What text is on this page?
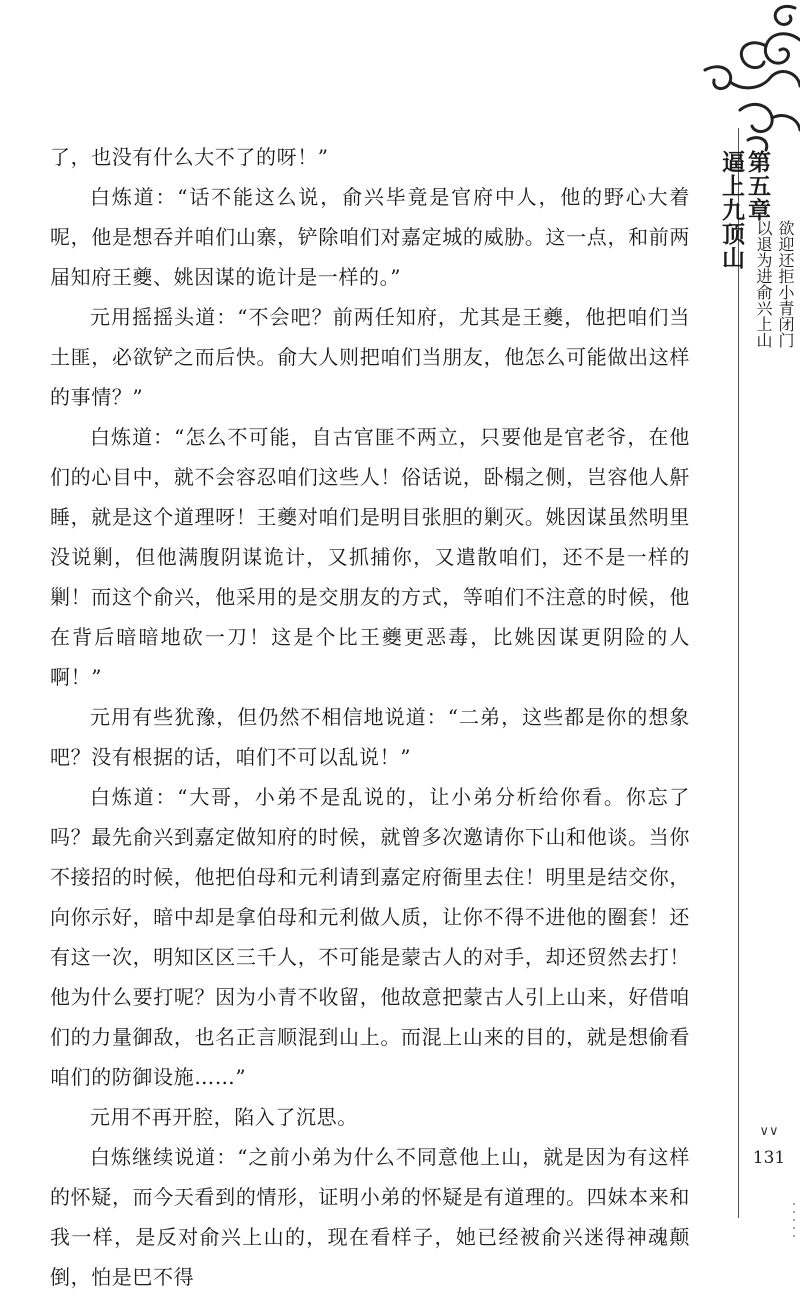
了，也没有什么大不了的呀！”

白炼道：“话不能这么说，俞兴毕竟是官府中人，他的野心大着呢，他是想吞并咱们山寨，铲除咱们对嘉定城的威胁。这一点，和前两届知府王夔、姚因谋的诡计是一样的。”

元用摇摇头道：“不会吧？前两任知府，尤其是王夔，他把咱们当土匪，必欲铲之而后快。俞大人则把咱们当朋友，他怎么可能做出这样的事情？”

白炼道：“怎么不可能，自古官匪不两立，只要他是官老爷，在他们的心目中，就不会容忍咱们这些人！俗话说，卧榻之侧，岂容他人鼾睡，就是这个道理呀！王夔对咱们是明目张胆的剿灭。姚因谋虽然明里没说剿，但他满腹阴谋诡计，又抓捕你，又遣散咱们，还不是一样的剿！而这个俞兴，他采用的是交朋友的方式，等咱们不注意的时候，他在背后暗暗地砍一刀！这是个比王夔更恶毒，比姚因谋更阴险的人啊！”

元用有些犹豫，但仍然不相信地说道：“二弟，这些都是你的想象吧？没有根据的话，咱们不可以乱说！”

白炼道：“大哥，小弟不是乱说的，让小弟分析给你看。你忘了吗？最先俞兴到嘉定做知府的时候，就曾多次邀请你下山和他谈。当你不接招的时候，他把伯母和元利请到嘉定府衙里去住！明里是结交你，向你示好，暗中却是拿伯母和元利做人质，让你不得不进他的圈套！还有这一次，明知区区三千人，不可能是蒙古人的对手，却还贸然去打！他为什么要打呢？因为小青不收留，他故意把蒙古人引上山来，好借咱们的力量御敌，也名正言顺混到山上。而混上山来的目的，就是想偷看咱们的防御设施……”

元用不再开腔，陷入了沉思。

白炼继续说道：“之前小弟为什么不同意他上山，就是因为有这样的怀疑，而今天看到的情形，证明小弟的怀疑是有道理的。四妹本来和我一样，是反对俞兴上山的，现在看样子，她已经被俞兴迷得神魂颠倒，怕是巴不得

第五章
逼上九顶山
欲迎还拒小青闭门
以退为进俞兴上山
∨∨
131
